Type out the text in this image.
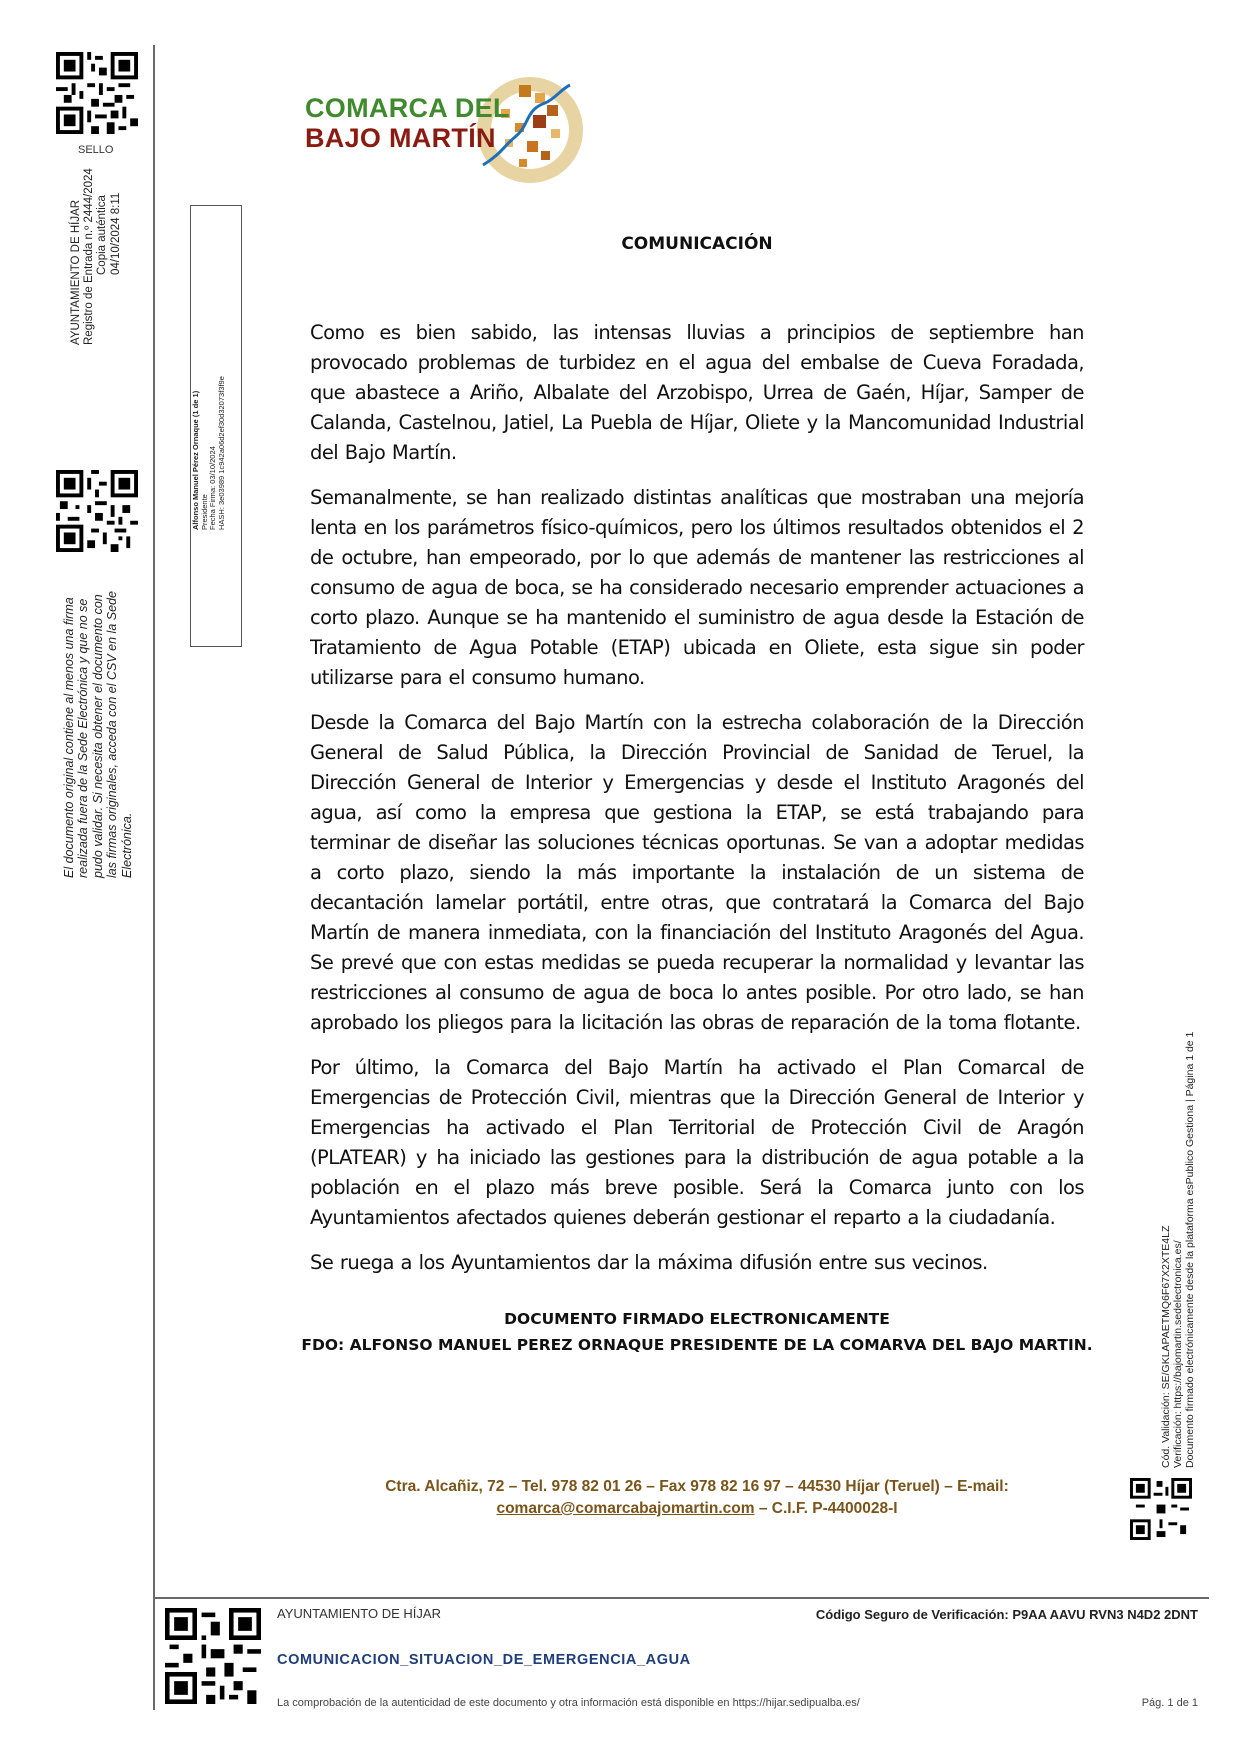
SELLO
AYUNTAMIENTO DE HÍJAR Registro de Entrada n.º 2444/2024 Copia auténtica 04/10/2024 8:11
El documento original contiene al menos una firma realizada fuera de la Sede Electrónica y que no se pudo validar. Si necesita obtener el documento con las firmas originales, acceda con el CSV en la Sede Electrónica.
Alfonso Manuel Pérez Ornaque (1 de 1) Presidente Fecha Firma: 03/10/2024 HASH: 3e03989 1c942a06d2ef30d32073f3f9e
COMARCA DEL
BAJO MARTÍN
COMUNICACIÓN

Como es bien sabido, las intensas lluvias a principios de septiembre han provocado problemas de turbidez en el agua del embalse de Cueva Foradada, que abastece a Ariño, Albalate del Arzobispo, Urrea de Gaén, Híjar, Samper de Calanda, Castelnou, Jatiel, La Puebla de Híjar, Oliete y la Mancomunidad Industrial del Bajo Martín.

Semanalmente, se han realizado distintas analíticas que mostraban una mejoría lenta en los parámetros físico-químicos, pero los últimos resultados obtenidos el 2 de octubre, han empeorado, por lo que además de mantener las restricciones al consumo de agua de boca, se ha considerado necesario emprender actuaciones a corto plazo. Aunque se ha mantenido el suministro de agua desde la Estación de Tratamiento de Agua Potable (ETAP) ubicada en Oliete, esta sigue sin poder utilizarse para el consumo humano.

Desde la Comarca del Bajo Martín con la estrecha colaboración de la Dirección General de Salud Pública, la Dirección Provincial de Sanidad de Teruel, la Dirección General de Interior y Emergencias y desde el Instituto Aragonés del agua, así como la empresa que gestiona la ETAP, se está trabajando para terminar de diseñar las soluciones técnicas oportunas. Se van a adoptar medidas a corto plazo, siendo la más importante la instalación de un sistema de decantación lamelar portátil, entre otras, que contratará la Comarca del Bajo Martín de manera inmediata, con la financiación del Instituto Aragonés del Agua. Se prevé que con estas medidas se pueda recuperar la normalidad y levantar las restricciones al consumo de agua de boca lo antes posible. Por otro lado, se han aprobado los pliegos para la licitación las obras de reparación de la toma flotante.

Por último, la Comarca del Bajo Martín ha activado el Plan Comarcal de Emergencias de Protección Civil, mientras que la Dirección General de Interior y Emergencias ha activado el Plan Territorial de Protección Civil de Aragón (PLATEAR) y ha iniciado las gestiones para la distribución de agua potable a la población en el plazo más breve posible. Será la Comarca junto con los Ayuntamientos afectados quienes deberán gestionar el reparto a la ciudadanía.

Se ruega a los Ayuntamientos dar la máxima difusión entre sus vecinos.

DOCUMENTO FIRMADO ELECTRONICAMENTE
FDO: ALFONSO MANUEL PEREZ ORNAQUE PRESIDENTE DE LA COMARVA DEL BAJO MARTIN.
Ctra. Alcañiz, 72 – Tel. 978 82 01 26 – Fax 978 82 16 97 – 44530 Híjar (Teruel) – E-mail:
comarca@comarcabajomartin.com – C.I.F. P-4400028-I
Cód. Validación: SE/GKLAPAETMQ6F67X2XTE4LZ Verificación: https://bajomartin.sedelectronica.es/ Documento firmado electrónicamente desde la plataforma esPublico Gestiona | Página 1 de 1
AYUNTAMIENTO DE HÍJAR	Código Seguro de Verificación: P9AA AAVU RVN3 N4D2 2DNT
COMUNICACION_SITUACION_DE_EMERGENCIA_AGUA
La comprobación de la autenticidad de este documento y otra información está disponible en https://hijar.sedipualba.es/	Pág. 1 de 1
